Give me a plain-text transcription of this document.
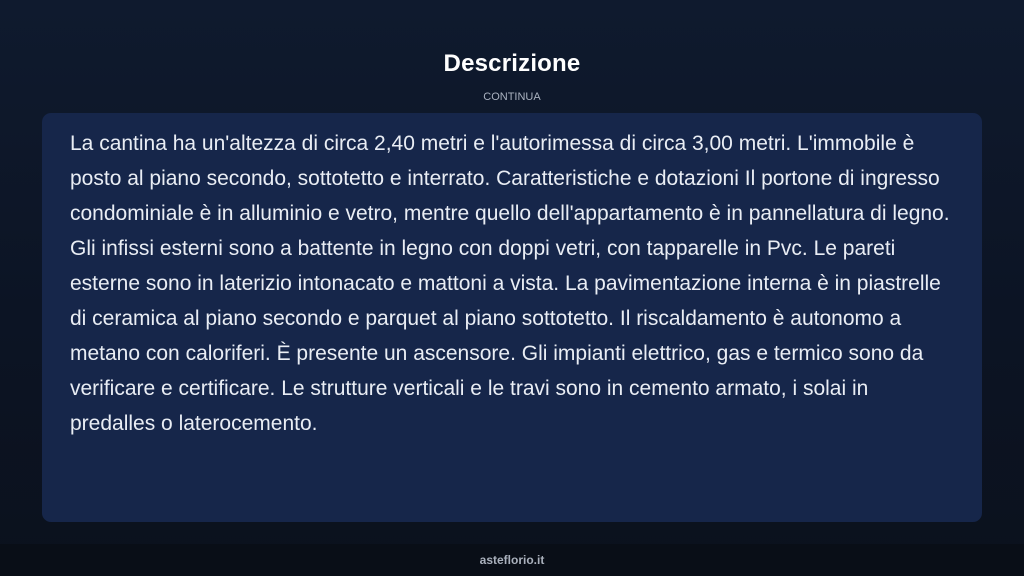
Descrizione
CONTINUA

La cantina ha un'altezza di circa 2,40 metri e l'autorimessa di circa 3,00 metri. L'immobile è posto al piano secondo, sottotetto e interrato. Caratteristiche e dotazioni Il portone di ingresso condominiale è in alluminio e vetro, mentre quello dell'appartamento è in pannellatura di legno. Gli infissi esterni sono a battente in legno con doppi vetri, con tapparelle in Pvc. Le pareti esterne sono in laterizio intonacato e mattoni a vista. La pavimentazione interna è in piastrelle di ceramica al piano secondo e parquet al piano sottotetto. Il riscaldamento è autonomo a metano con caloriferi. È presente un ascensore. Gli impianti elettrico, gas e termico sono da verificare e certificare. Le strutture verticali e le travi sono in cemento armato, i solai in predalles o laterocemento.

asteflorio.it
